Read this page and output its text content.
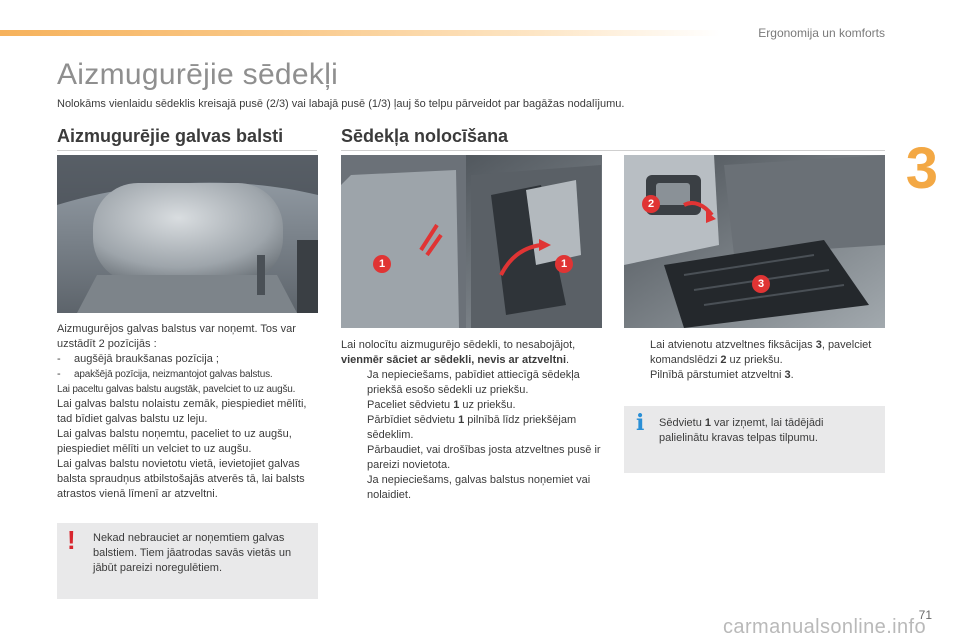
Ergonomija un komforts
3
Aizmugurējie sēdekļi

Nolokāms vienlaidu sēdeklis kreisajā pusē (2/3) vai labajā pusē (1/3) ļauj šo telpu pārveidot par bagāžas nodalījumu.

Aizmugurējie galvas balsti	Sēdekļa nolocīšana
1	1
2
3

Aizmugurējos galvas balstus var noņemt. Tos var uzstādīt 2 pozīcijās :

- augšējā braukšanas pozīcija ;
- apakšējā pozīcija, neizmantojot galvas balstus.

Lai paceltu galvas balstu augstāk, pavelciet to uz augšu.

Lai galvas balstu nolaistu zemāk, piespiediet mēlīti, tad bīdiet galvas balstu uz leju.

Lai galvas balstu noņemtu, paceliet to uz augšu, piespiediet mēlīti un velciet to uz augšu.

Lai galvas balstu novietotu vietā, ievietojiet galvas balsta spraudņus atbilstošajās atverēs tā, lai balsts atrastos vienā līmenī ar atzveltni.

! Nekad nebrauciet ar noņemtiem galvas balstiem. Tiem jāatrodas savās vietās un jābūt pareizi noregulētiem.

Lai nolocītu aizmugurējo sēdekli, to nesabojājot, vienmēr sāciet ar sēdekli, nevis ar atzveltni.

Ja nepieciešams, pabīdiet attiecīgā sēdekļa priekšā esošo sēdekli uz priekšu.
Paceliet sēdvietu 1 uz priekšu.
Pārbīdiet sēdvietu 1 pilnībā līdz priekšējam sēdeklim.
Pārbaudiet, vai drošības josta atzveltnes pusē ir pareizi novietota.
Ja nepieciešams, galvas balstus noņemiet vai nolaidiet.
Lai atvienotu atzveltnes fiksācijas 3, pavelciet komandslēdzi 2 uz priekšu.
Pilnībā pārstumiet atzveltni 3.
i Sēdvietu 1 var izņemt, lai tādējādi palielinātu kravas telpas tilpumu.
71
carmanualsonline.info
